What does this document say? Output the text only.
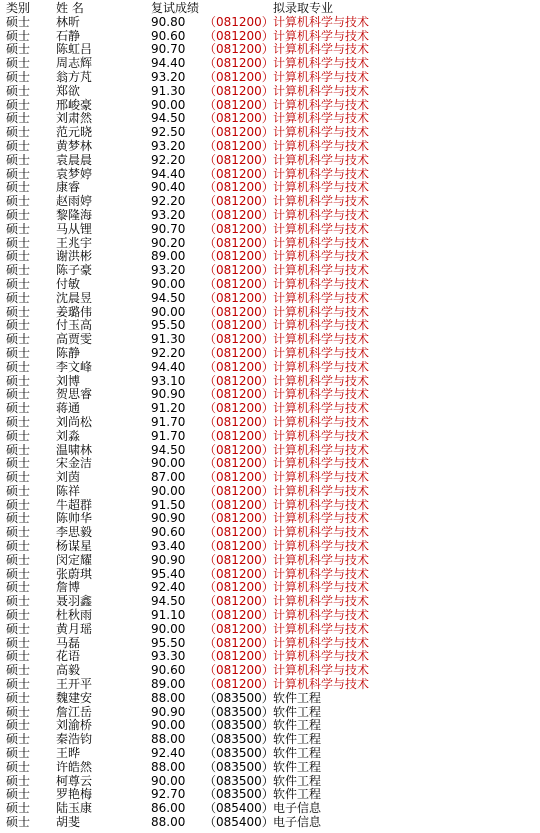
类别 姓 名	复试成绩	拟录取专业
硕士 林昕	90.80 （081200） 计算机科学与技术
硕士 石静	90.60 （081200） 计算机科学与技术
硕士 陈虹吕	90.70 （081200） 计算机科学与技术
硕士 周志辉	94.40 （081200） 计算机科学与技术
硕士 翁方芃	93.20 （081200） 计算机科学与技术
硕士 郑欲	91.30 （081200） 计算机科学与技术
硕士 邢峻豪	90.00 （081200） 计算机科学与技术
硕士 刘肃然	94.50 （081200） 计算机科学与技术
硕士 范元晓	92.50 （081200） 计算机科学与技术
硕士 黄梦林	93.20 （081200） 计算机科学与技术
硕士 袁晨晨	92.20 （081200） 计算机科学与技术
硕士 袁梦婷	94.40 （081200） 计算机科学与技术
硕士 康睿	90.40 （081200） 计算机科学与技术
硕士 赵雨婷	92.20 （081200） 计算机科学与技术
硕士 黎隆海	93.20 （081200） 计算机科学与技术
硕士 马从锂	90.70 （081200） 计算机科学与技术
硕士 王兆宇	90.20 （081200） 计算机科学与技术
硕士 谢洪彬	89.00 （081200） 计算机科学与技术
硕士 陈子豪	93.20 （081200） 计算机科学与技术
硕士 付敏	90.00 （081200） 计算机科学与技术
硕士 沈晨昱	94.50 （081200） 计算机科学与技术
硕士 姜璐伟	90.00 （081200） 计算机科学与技术
硕士 付玉高	95.50 （081200） 计算机科学与技术
硕士 高贾雯	91.30 （081200） 计算机科学与技术
硕士 陈静	92.20 （081200） 计算机科学与技术
硕士 李文峰	94.40 （081200） 计算机科学与技术
硕士 刘博	93.10 （081200） 计算机科学与技术
硕士 贺思睿	90.90 （081200） 计算机科学与技术
硕士 蒋通	91.20 （081200） 计算机科学与技术
硕士 刘尚松	91.70 （081200） 计算机科学与技术
硕士 刘淼	91.70 （081200） 计算机科学与技术
硕士 温啸林	94.50 （081200） 计算机科学与技术
硕士 宋金洁	90.00 （081200） 计算机科学与技术
硕士 刘茵	87.00 （081200） 计算机科学与技术
硕士 陈祥	90.00 （081200） 计算机科学与技术
硕士 牛超群	91.50 （081200） 计算机科学与技术
硕士 陈帅华	90.90 （081200） 计算机科学与技术
硕士 李思毅	90.60 （081200） 计算机科学与技术
硕士 杨谋星	93.40 （081200） 计算机科学与技术
硕士 闵定耀	90.90 （081200） 计算机科学与技术
硕士 张蔚琪	95.40 （081200） 计算机科学与技术
硕士 詹博	92.40 （081200） 计算机科学与技术
硕士 聂羽鑫	94.50 （081200） 计算机科学与技术
硕士 杜秋雨	91.10 （081200） 计算机科学与技术
硕士 黄月瑶	90.00 （081200） 计算机科学与技术
硕士 马磊	95.50 （081200） 计算机科学与技术
硕士 花语	93.30 （081200） 计算机科学与技术
硕士 高毅	90.60 （081200） 计算机科学与技术
硕士 王开平	89.00 （081200） 计算机科学与技术
硕士 魏建安	88.00 （083500） 软件工程
硕士 詹江岳	90.90 （083500） 软件工程
硕士 刘渝桥	90.00 （083500） 软件工程
硕士 秦浩钧	88.00 （083500） 软件工程
硕士 王晔	92.40 （083500） 软件工程
硕士 许皓然	88.00 （083500） 软件工程
硕士 柯尊云	90.00 （083500） 软件工程
硕士 罗艳梅	92.70 （083500） 软件工程
硕士 陆玉康	86.00 （085400） 电子信息
硕士 胡斐	88.00 （085400） 电子信息
